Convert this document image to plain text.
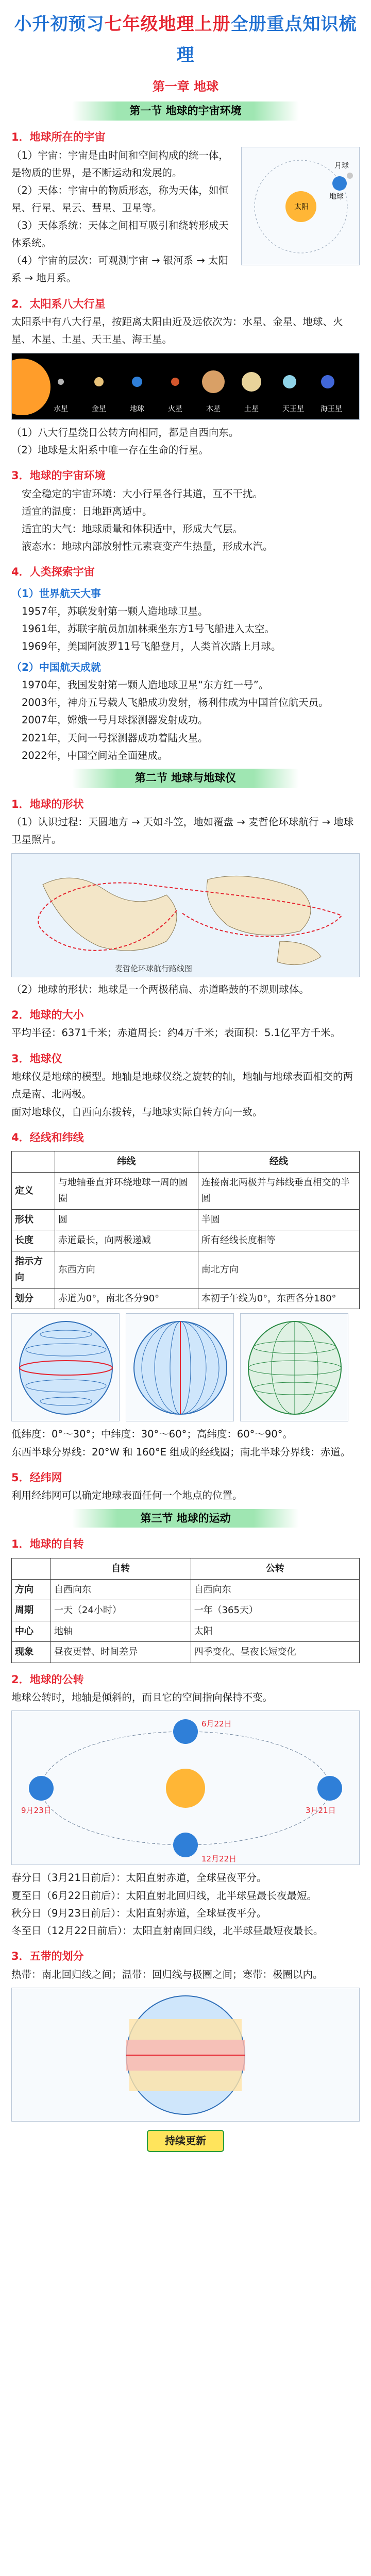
小升初预习七年级地理上册全册重点知识梳理
第一章 地球
第一节 地球的宇宙环境
1．地球所在的宇宙
（1）宇宙：宇宙是由时间和空间构成的统一体，是物质的世界，是不断运动和发展的。
（2）天体：宇宙中的物质形态，称为天体，如恒星、行星、星云、彗星、卫星等。
（3）天体系统：天体之间相互吸引和绕转形成天体系统。
（4）宇宙的层次：可观测宇宙 → 银河系 → 太阳系 → 地月系。
太阳
地球
月球
2．太阳系八大行星
太阳系中有八大行星，按距离太阳由近及远依次为：水星、金星、地球、火星、木星、土星、天王星、海王星。
水星	金星	地球	火星	木星	土星	天王星 海王星
（1）八大行星绕日公转方向相同，都是自西向东。
（2）地球是太阳系中唯一存在生命的行星。
3．地球的宇宙环境
安全稳定的宇宙环境：大小行星各行其道，互不干扰。
适宜的温度：日地距离适中。
适宜的大气：地球质量和体积适中，形成大气层。
液态水：地球内部放射性元素衰变产生热量，形成水汽。
4．人类探索宇宙
（1）世界航天大事
1957年，苏联发射第一颗人造地球卫星。
1961年，苏联宇航员加加林乘坐东方1号飞船进入太空。
1969年，美国阿波罗11号飞船登月，人类首次踏上月球。
（2）中国航天成就
1970年，我国发射第一颗人造地球卫星“东方红一号”。
2003年，神舟五号载人飞船成功发射，杨利伟成为中国首位航天员。
2007年，嫦娥一号月球探测器发射成功。
2021年，天问一号探测器成功着陆火星。
2022年，中国空间站全面建成。
第二节 地球与地球仪
1．地球的形状
（1）认识过程：天圆地方 → 天如斗笠，地如覆盘 → 麦哲伦环球航行 → 地球卫星照片。
麦哲伦环球航行路线图
（2）地球的形状：地球是一个两极稍扁、赤道略鼓的不规则球体。
2．地球的大小
平均半径：6371千米；赤道周长：约4万千米；表面积：5.1亿平方千米。
3．地球仪
地球仪是地球的模型。地轴是地球仪绕之旋转的轴，地轴与地球表面相交的两点是南、北两极。
面对地球仪，自西向东拨转，与地球实际自转方向一致。
4．经线和纬线
	纬线	经线
定义	与地轴垂直并环绕地球一周的圆圈	连接南北两极并与纬线垂直相交的半圆
形状	圆	半圆
长度	赤道最长，向两极递减	所有经线长度相等
指示方向	东西方向	南北方向
划分	赤道为0°，南北各分90°	本初子午线为0°，东西各分180°
低纬度：0°～30°；中纬度：30°～60°；高纬度：60°～90°。
东西半球分界线：20°W 和 160°E 组成的经线圈；南北半球分界线：赤道。
5．经纬网
利用经纬网可以确定地球表面任何一个地点的位置。
第三节 地球的运动
1．地球的自转
	自转	公转
方向	自西向东	自西向东
周期	一天（24小时）	一年（365天）
中心	地轴	太阳
现象	昼夜更替、时间差异	四季变化、昼夜长短变化
2．地球的公转
地球公转时，地轴是倾斜的，而且它的空间指向保持不变。
3月21日
6月22日
9月23日
12月22日
春分日（3月21日前后）：太阳直射赤道，全球昼夜平分。
夏至日（6月22日前后）：太阳直射北回归线，北半球昼最长夜最短。
秋分日（9月23日前后）：太阳直射赤道，全球昼夜平分。
冬至日（12月22日前后）：太阳直射南回归线，北半球昼最短夜最长。
3．五带的划分
热带：南北回归线之间；温带：回归线与极圈之间；寒带：极圈以内。
持续更新
